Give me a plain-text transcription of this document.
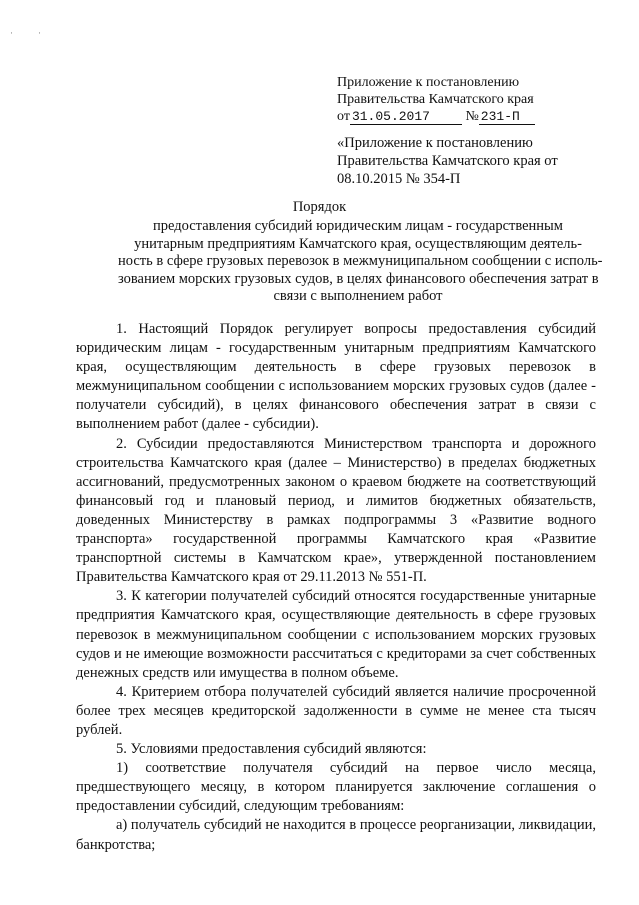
·	·
Приложение к постановлению
Правительства Камчатского края
от 31.05.2017	№ 231-П
«Приложение к постановлению
Правительства Камчатского края от
08.10.2015 № 354-П
Порядок
предоставления субсидий юридическим лицам - государственным
унитарным предприятиям Камчатского края, осуществляющим деятель-
ность в сфере грузовых перевозок в межмуниципальном сообщении с исполь-
зованием морских грузовых судов, в целях финансового обеспечения затрат в
связи с выполнением работ

1. Настоящий Порядок регулирует вопросы предоставления субсидий юридическим лицам - государственным унитарным предприятиям Камчатского края, осуществляющим деятельность в сфере грузовых перевозок в межмуниципальном сообщении с использованием морских грузовых судов (далее - получатели субсидий), в целях финансового обеспечения затрат в связи с выполнением работ (далее - субсидии).

2. Субсидии предоставляются Министерством транспорта и дорожного строительства Камчатского края (далее – Министерство) в пределах бюджетных ассигнований, предусмотренных законом о краевом бюджете на соответствующий финансовый год и плановый период, и лимитов бюджетных обязательств, доведенных Министерству в рамках подпрограммы 3 «Развитие водного транспорта» государственной программы Камчатского края «Развитие транспортной системы в Камчатском крае», утвержденной постановлением Правительства Камчатского края от 29.11.2013 № 551-П.

3. К категории получателей субсидий относятся государственные унитарные предприятия Камчатского края, осуществляющие деятельность в сфере грузовых перевозок в межмуниципальном сообщении с использованием морских грузовых судов и не имеющие возможности рассчитаться с кредиторами за счет собственных денежных средств или имущества в полном объеме.

4. Критерием отбора получателей субсидий является наличие просроченной более трех месяцев кредиторской задолженности в сумме не менее ста тысяч рублей.

5. Условиями предоставления субсидий являются:

1) соответствие получателя субсидий на первое число месяца, предшествующего месяцу, в котором планируется заключение соглашения о предоставлении субсидий, следующим требованиям:

а) получатель субсидий не находится в процессе реорганизации, ликвидации, банкротства;
